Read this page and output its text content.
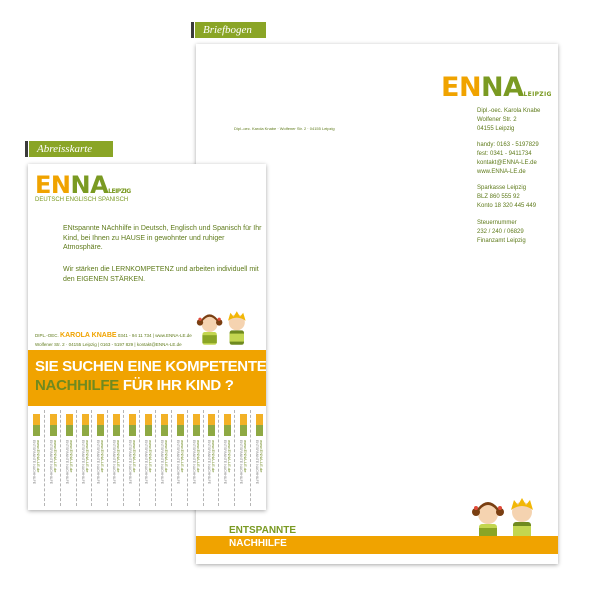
Briefbogen
ENNALEIPZIG
Dipl.-oec. Karola Knabe · Wolfener Str. 2 · 04155 Leipzig
Dipl.-oec. Karola Knabe
Wolfener Str. 2
04155 Leipzig
handy: 0163 - 5197829
fest: 0341 - 9411734
kontakt@ENNA-LE.de
www.ENNA-LE.de
Sparkasse Leipzig
BLZ 860 555 92
Konto 18 320 445 449
Steuernummer
232 / 240 / 06829
Finanzamt Leipzig
ENTSPANNTE
NACHHILFE
Abreisskarte
ENNALEIPZIG
DEUTSCH ENGLISCH SPANISCH
ENtspannte NAchhilfe in Deutsch, Englisch und Spanisch für Ihr Kind, bei Ihnen zu HAUSE in gewohnter und ruhiger Atmosphäre.
Wir stärken die LERNKOMPETENZ und arbeiten individuell mit den EIGENEN STÄRKEN.
DIPL.-OEC. KAROLA KNABE 0341 - 94 11 734 | www.ENNA-LE.de
Wolfener Str. 2 · 04155 Leipzig | 0163 - 5197 829 | kontakt@ENNA-LE.de
SIE SUCHEN EINE KOMPETENTE
NACHHILFE FÜR IHR KIND ?
www.ENNA-LE.de
ENTSPANNTE NACHHILFE	www.ENNA-LE.de
ENTSPANNTE NACHHILFE	www.ENNA-LE.de
ENTSPANNTE NACHHILFE	www.ENNA-LE.de
ENTSPANNTE NACHHILFE	www.ENNA-LE.de
ENTSPANNTE NACHHILFE	www.ENNA-LE.de
ENTSPANNTE NACHHILFE	www.ENNA-LE.de
ENTSPANNTE NACHHILFE	www.ENNA-LE.de
ENTSPANNTE NACHHILFE	www.ENNA-LE.de
ENTSPANNTE NACHHILFE	www.ENNA-LE.de
ENTSPANNTE NACHHILFE	www.ENNA-LE.de
ENTSPANNTE NACHHILFE	www.ENNA-LE.de
ENTSPANNTE NACHHILFE	www.ENNA-LE.de
ENTSPANNTE NACHHILFE	www.ENNA-LE.de
ENTSPANNTE NACHHILFE	www.ENNA-LE.de
ENTSPANNTE NACHHILFE
